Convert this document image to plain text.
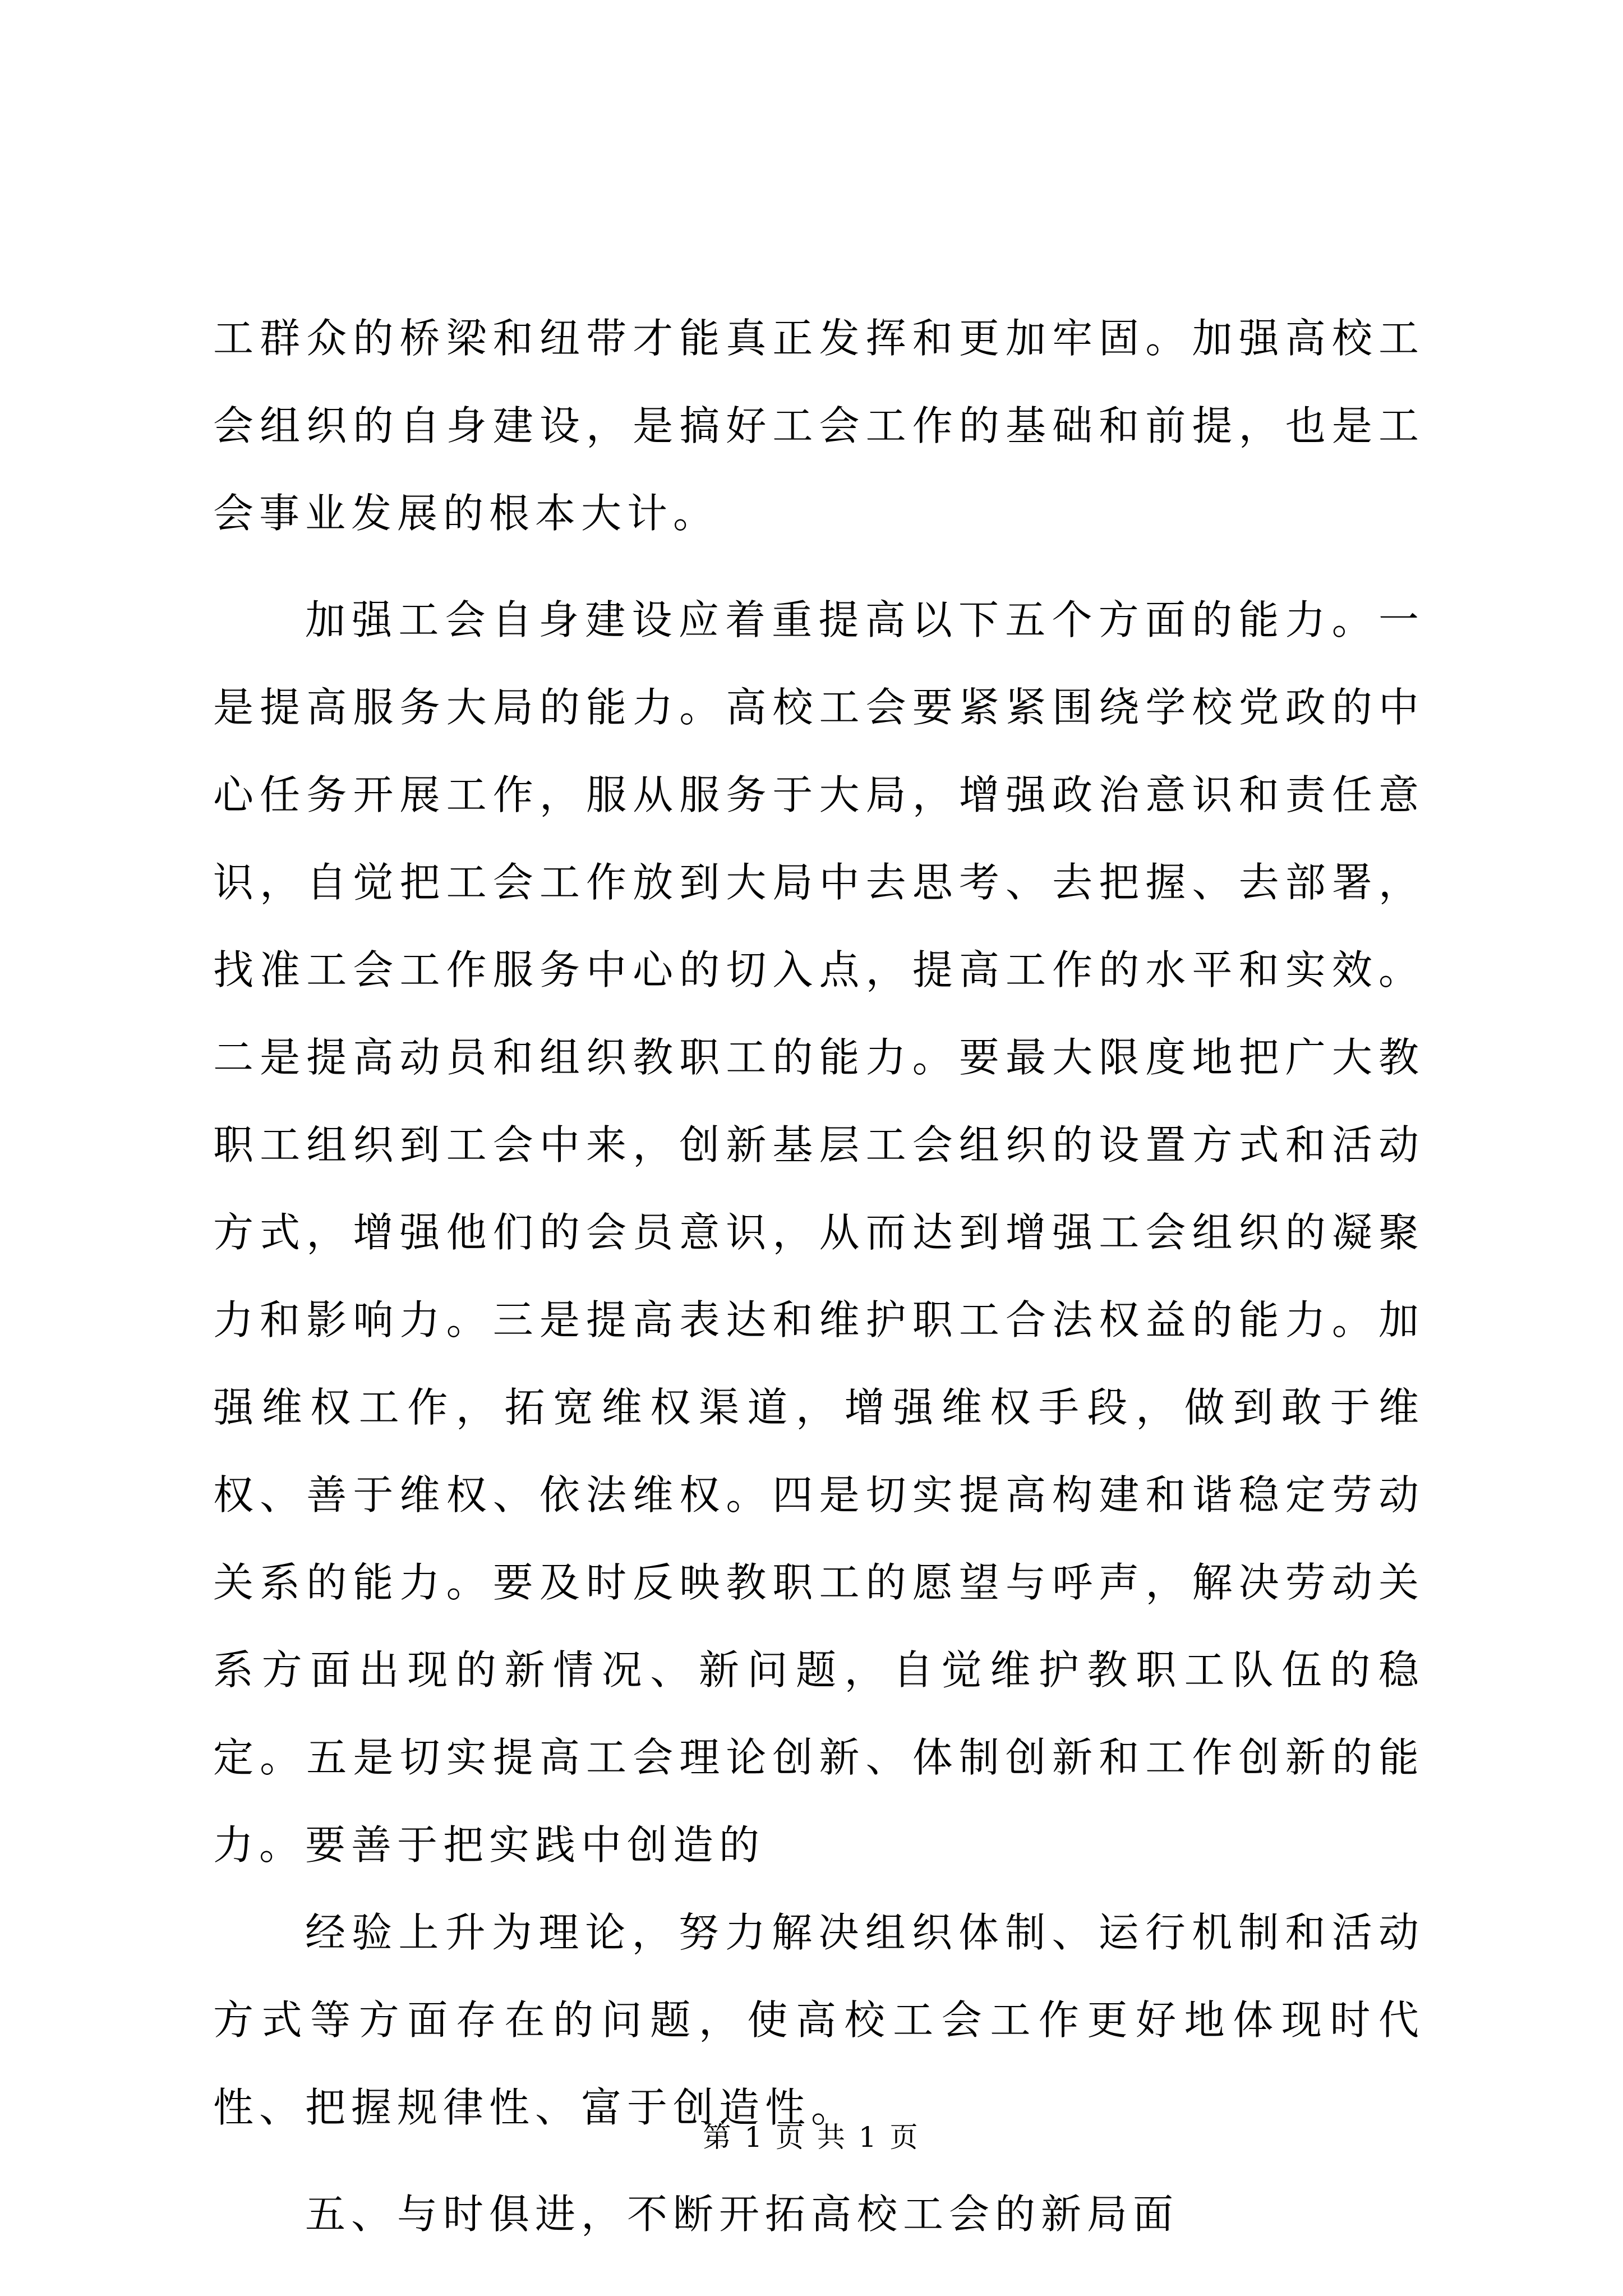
工群众的桥梁和纽带才能真正发挥和更加牢固。加强高校工会组织的自身建设，是搞好工会工作的基础和前提，也是工会事业发展的根本大计。

加强工会自身建设应着重提高以下五个方面的能力。一是提高服务大局的能力。高校工会要紧紧围绕学校党政的中心任务开展工作，服从服务于大局，增强政治意识和责任意识，自觉把工会工作放到大局中去思考、去把握、去部署，找准工会工作服务中心的切入点，提高工作的水平和实效。二是提高动员和组织教职工的能力。要最大限度地把广大教职工组织到工会中来，创新基层工会组织的设置方式和活动方式，增强他们的会员意识，从而达到增强工会组织的凝聚力和影响力。三是提高表达和维护职工合法权益的能力。加强维权工作，拓宽维权渠道，增强维权手段，做到敢于维权、善于维权、依法维权。四是切实提高构建和谐稳定劳动关系的能力。要及时反映教职工的愿望与呼声，解决劳动关系方面出现的新情况、新问题，自觉维护教职工队伍的稳定。五是切实提高工会理论创新、体制创新和工作创新的能力。要善于把实践中创造的

经验上升为理论，努力解决组织体制、运行机制和活动方式等方面存在的问题，使高校工会工作更好地体现时代性、把握规律性、富于创造性。

五、与时俱进，不断开拓高校工会的新局面

第 1 页 共 1 页
